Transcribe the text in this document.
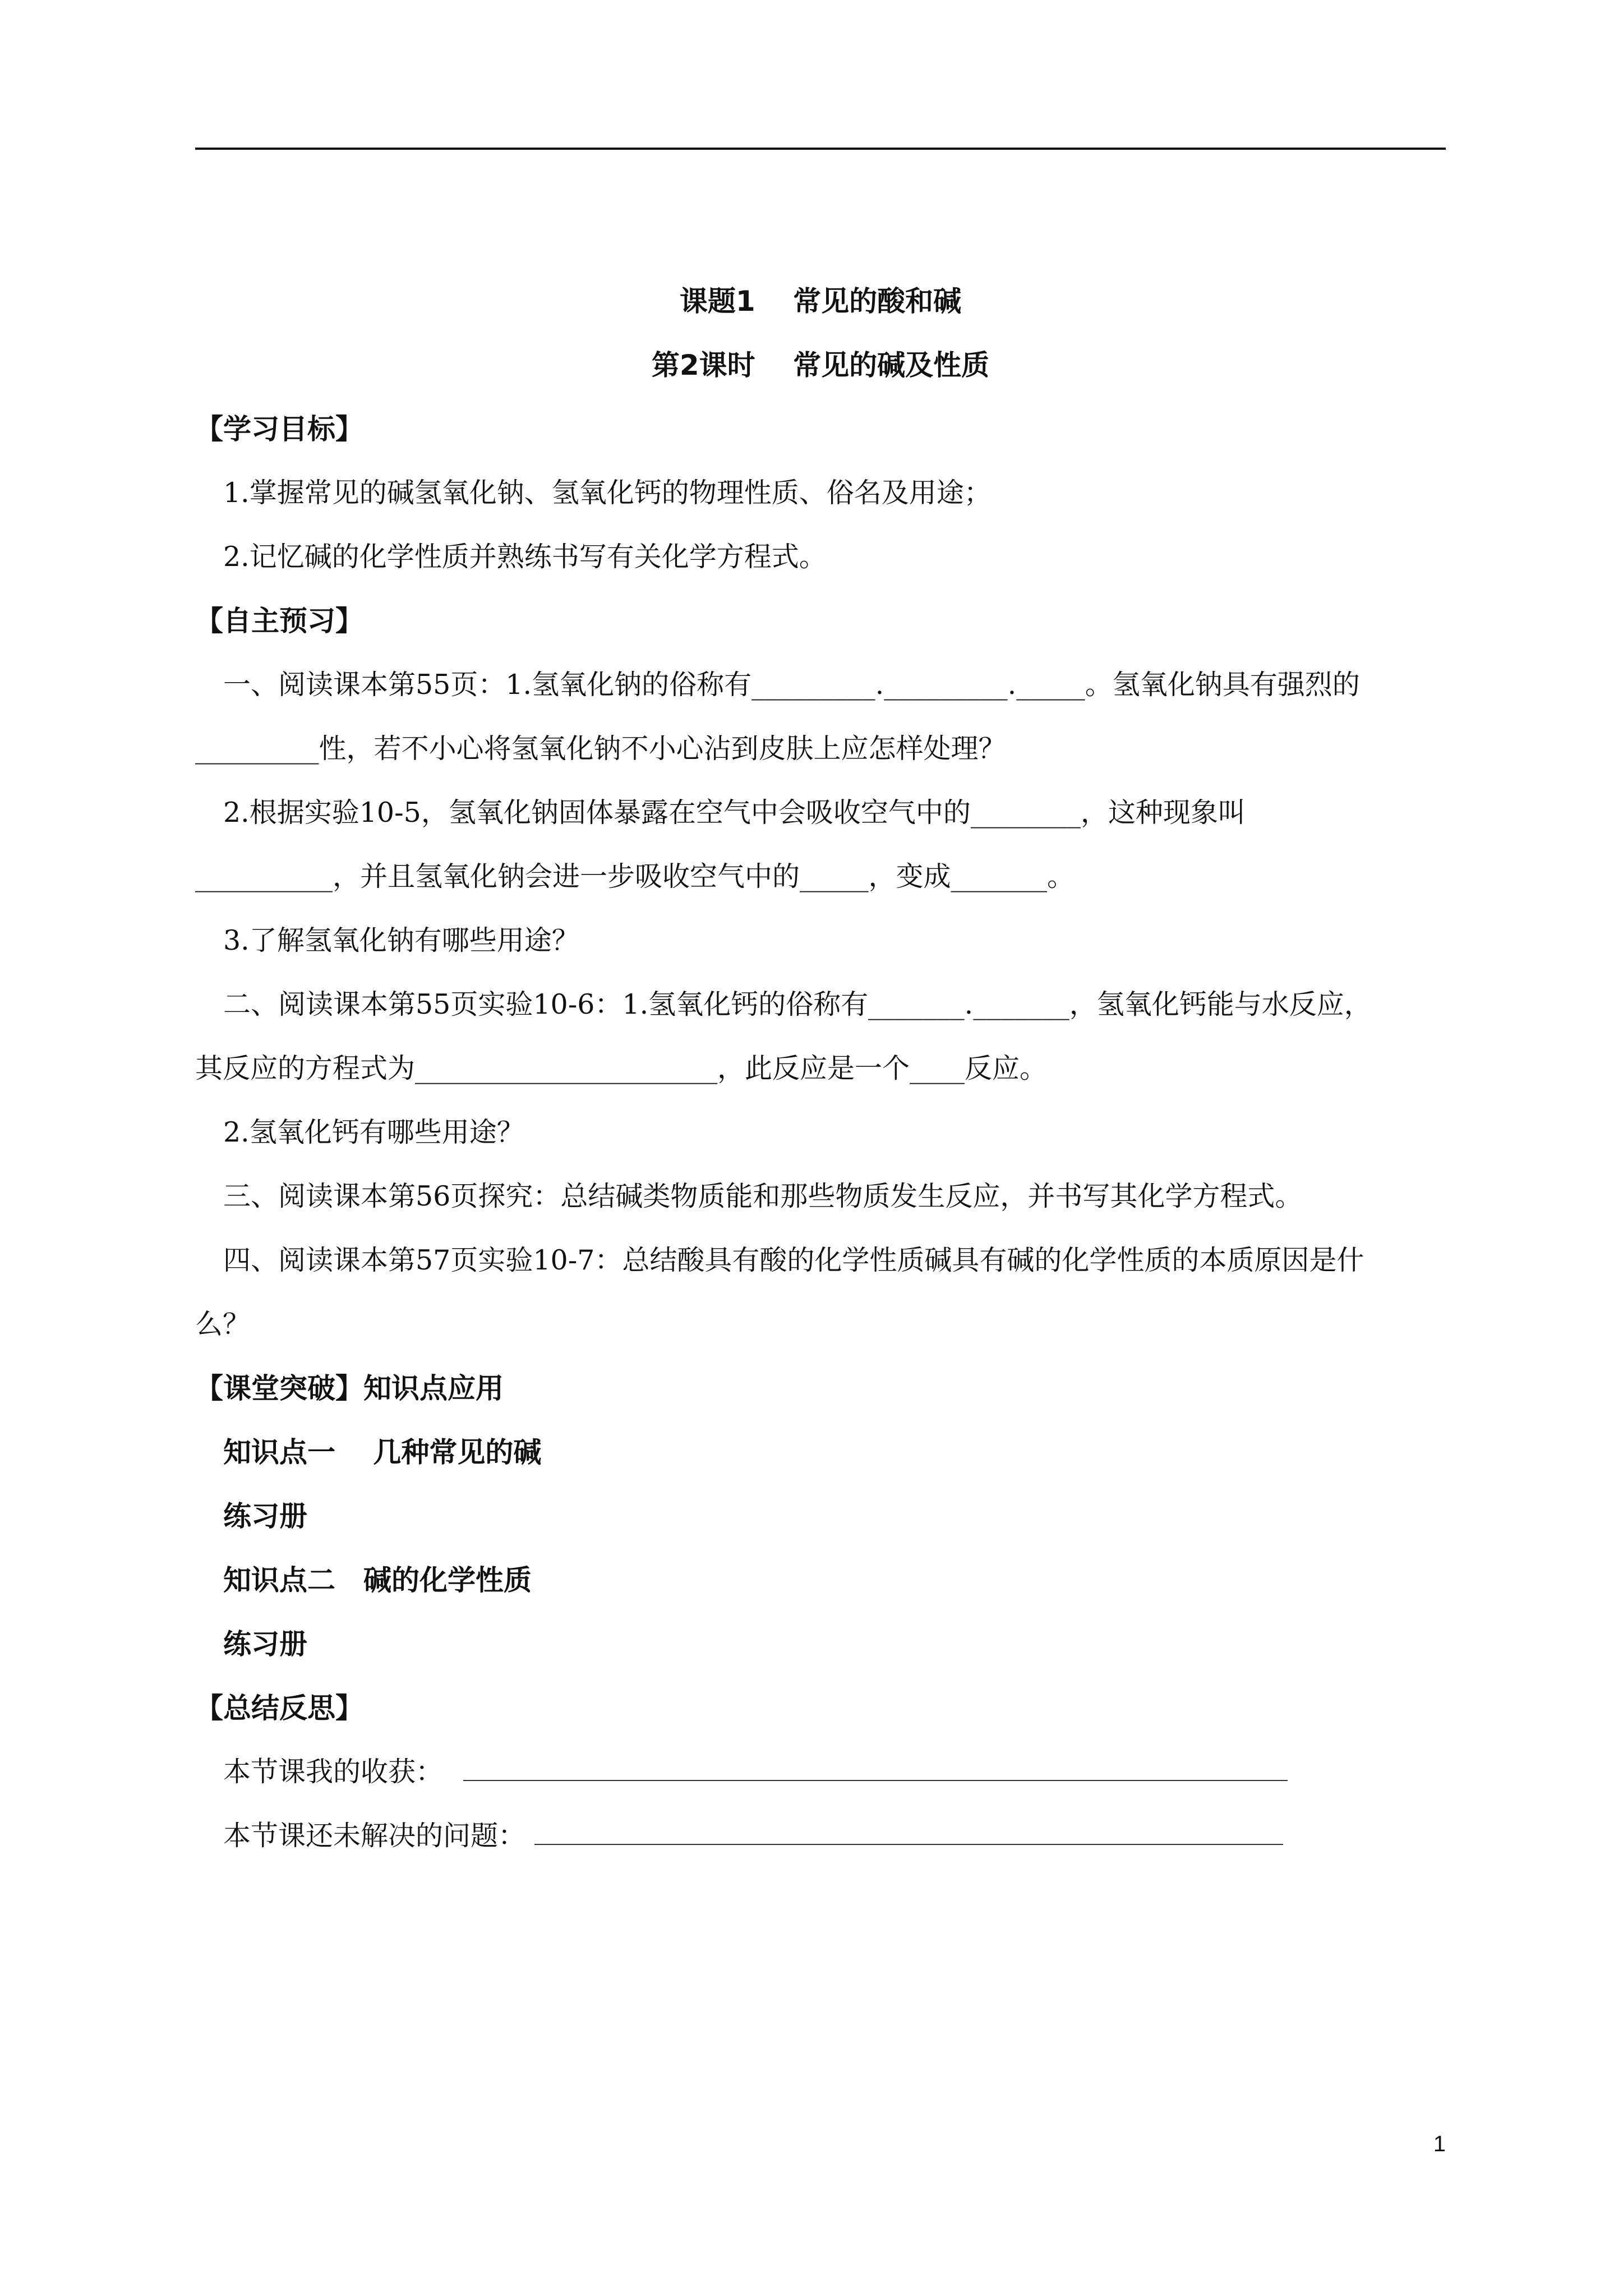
课题1　 常见的酸和碱
第2课时　 常见的碱及性质
【学习目标】
1.掌握常见的碱氢氧化钠、氢氧化钙的物理性质、俗名及用途；
2.记忆碱的化学性质并熟练书写有关化学方程式。
【自主预习】
一、阅读课本第55页：1.氢氧化钠的俗称有_________._________._____。氢氧化钠具有强烈的
_________性，若不小心将氢氧化钠不小心沾到皮肤上应怎样处理？
2.根据实验10-5，氢氧化钠固体暴露在空气中会吸收空气中的________，这种现象叫
__________，并且氢氧化钠会进一步吸收空气中的_____，变成_______。
3.了解氢氧化钠有哪些用途？
二、阅读课本第55页实验10-6：1.氢氧化钙的俗称有_______._______，氢氧化钙能与水反应，
其反应的方程式为______________________，此反应是一个____反应。
2.氢氧化钙有哪些用途？
三、阅读课本第56页探究：总结碱类物质能和那些物质发生反应，并书写其化学方程式。
四、阅读课本第57页实验10-7：总结酸具有酸的化学性质碱具有碱的化学性质的本质原因是什
么？
【课堂突破】知识点应用
知识点一　 几种常见的碱
练习册
知识点二　碱的化学性质
练习册
【总结反思】
本节课我的收获：
本节课还未解决的问题：
1
